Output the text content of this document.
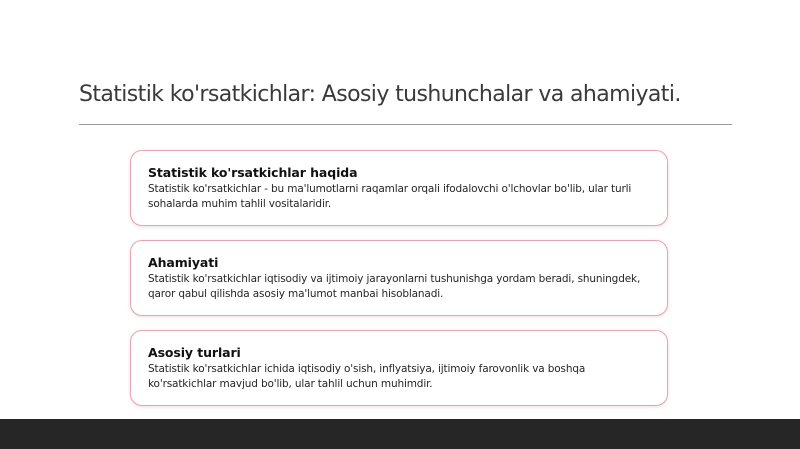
Statistik ko'rsatkichlar: Asosiy tushunchalar va ahamiyati.
Statistik ko'rsatkichlar haqida
Statistik ko'rsatkichlar - bu ma'lumotlarni raqamlar orqali ifodalovchi o'lchovlar bo'lib, ular turli sohalarda muhim tahlil vositalaridir.
Ahamiyati
Statistik ko'rsatkichlar iqtisodiy va ijtimoiy jarayonlarni tushunishga yordam beradi, shuningdek, qaror qabul qilishda asosiy ma'lumot manbai hisoblanadi.
Asosiy turlari
Statistik ko'rsatkichlar ichida iqtisodiy o'sish, inflyatsiya, ijtimoiy farovonlik va boshqa ko'rsatkichlar mavjud bo'lib, ular tahlil uchun muhimdir.
